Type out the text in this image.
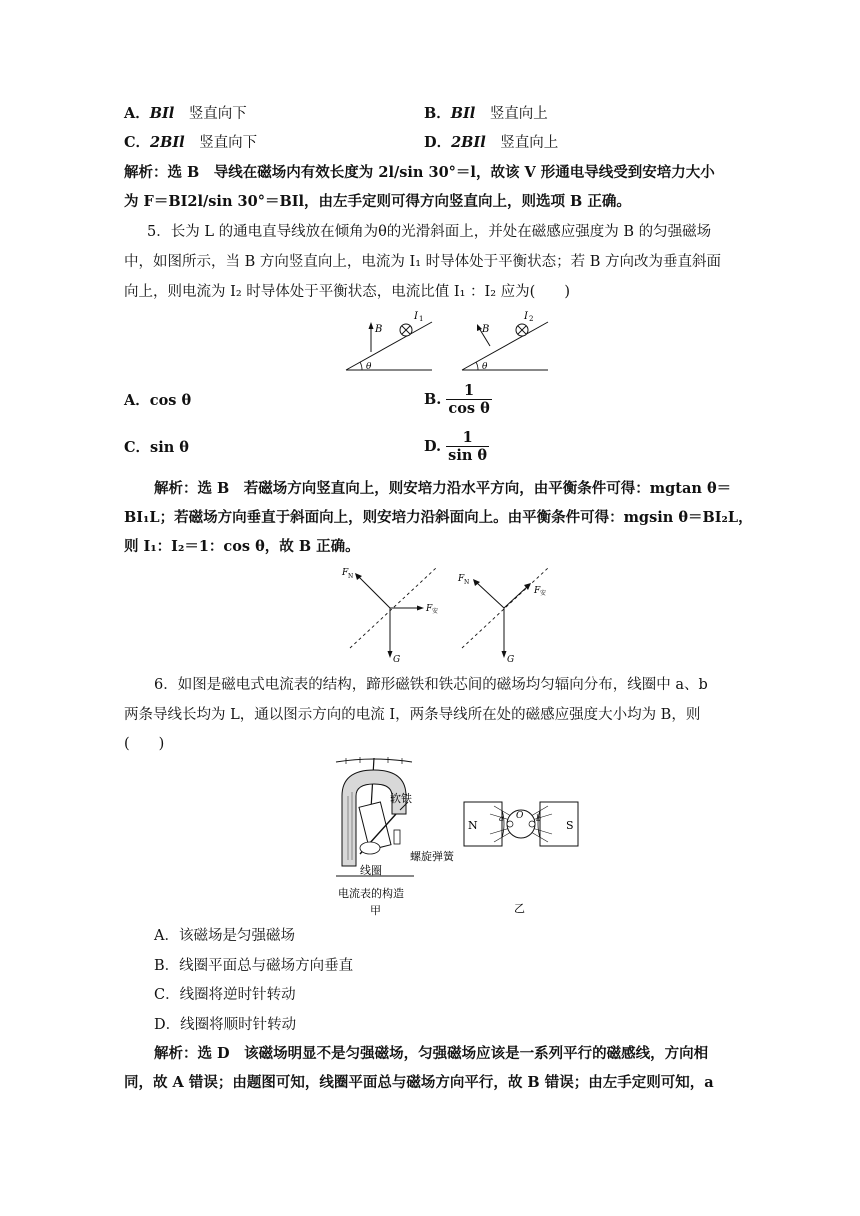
A．BIl　 竖直向下	B．BIl　 竖直向上
C．2BIl　 竖直向下	D．2BIl　 竖直向上
解析：选 B　导线在磁场内有效长度为 2l/sin 30°＝l，故该 V 形通电导线受到安培力大小
为 F＝BI2l/sin 30°＝BIl，由左手定则可得方向竖直向上，则选项 B 正确。
5．长为 L 的通电直导线放在倾角为θ的光滑斜面上，并处在磁感应强度为 B 的匀强磁场
中，如图所示，当 B 方向竖直向上，电流为 I₁ 时导体处于平衡状态；若 B 方向改为垂直斜面
向上，则电流为 I₂ 时导体处于平衡状态，电流比值 I₁ ：I₂ 应为(　　)
θ
B
I 1
θ
B
I 2
A．cos θ	B. $\frac{1}{\text{cos θ}}$
C．sin θ	D. $\frac{1}{\text{sin θ}}$
解析：选 B　若磁场方向竖直向上，则安培力沿水平方向，由平衡条件可得：mgtan θ＝
BI₁L；若磁场方向垂直于斜面向上，则安培力沿斜面向上。由平衡条件可得：mgsin θ＝BI₂L，
则 I₁：I₂＝1：cos θ，故 B 正确。
F N
F 安
G
F N
F 安
G
6．如图是磁电式电流表的结构，蹄形磁铁和铁芯间的磁场均匀辐向分布，线圈中 a、b
两条导线长均为 L，通以图示方向的电流 I，两条导线所在处的磁感应强度大小均为 B，则
(　　)
软铁
螺旋弹簧
线圈
电流表的构造
甲
N	S
O
a	b
乙
A．该磁场是匀强磁场
B．线圈平面总与磁场方向垂直
C．线圈将逆时针转动
D．线圈将顺时针转动
解析：选 D　该磁场明显不是匀强磁场，匀强磁场应该是一系列平行的磁感线，方向相
同，故 A 错误；由题图可知，线圈平面总与磁场方向平行，故 B 错误；由左手定则可知，a
